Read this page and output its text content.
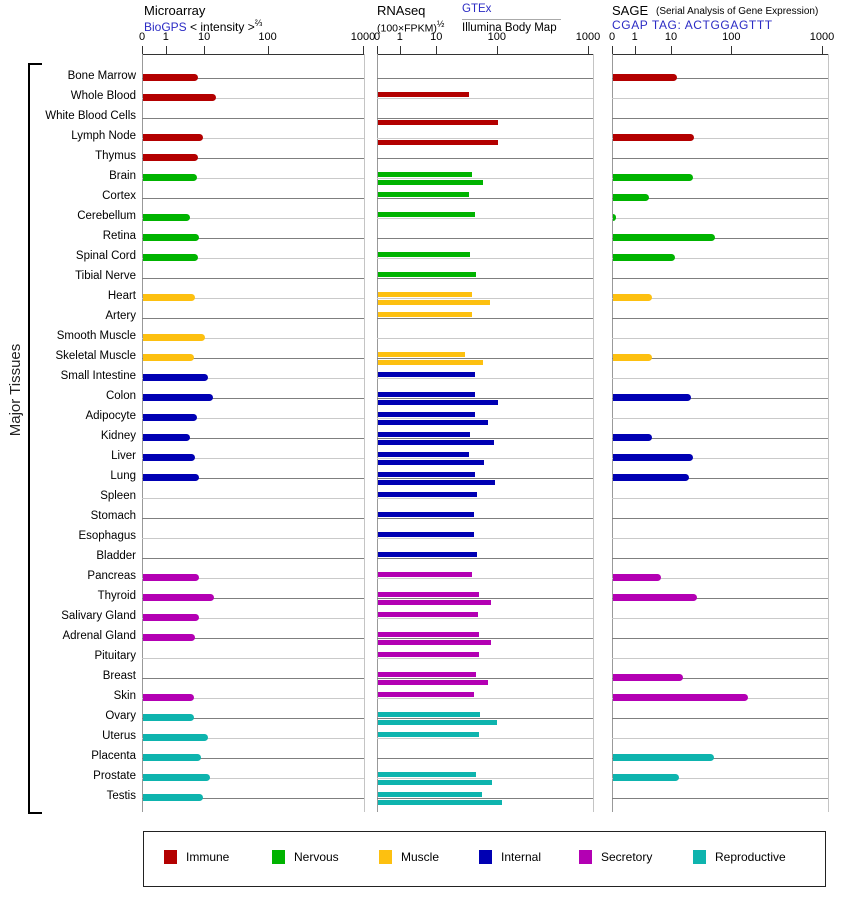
Microarray
BioGPS < intensity >$^{\frac{2}{3}}$
RNAseq
(100×FPKM)$^{\frac{1}{2}}$
GTEx
Illumina Body Map
SAGE (Serial Analysis of Gene Expression)
CGAP TAG: ACTGGAGTTT
Major Tissues
0	1	10	100	1000
0	1	10	100	1000 0	1	10	100	1000
Bone Marrow
Whole Blood
White Blood Cells
Lymph Node
Thymus
Brain
Cortex
Cerebellum
Retina
Spinal Cord
Tibial Nerve
Heart
Artery
Smooth Muscle
Skeletal Muscle
Small Intestine
Colon
Adipocyte
Kidney
Liver
Lung
Spleen
Stomach
Esophagus
Bladder
Pancreas
Thyroid
Salivary Gland
Adrenal Gland
Pituitary
Breast
Skin
Ovary
Uterus
Placenta
Prostate
Testis
Immune	Nervous	Muscle	Internal	Secretory	Reproductive
